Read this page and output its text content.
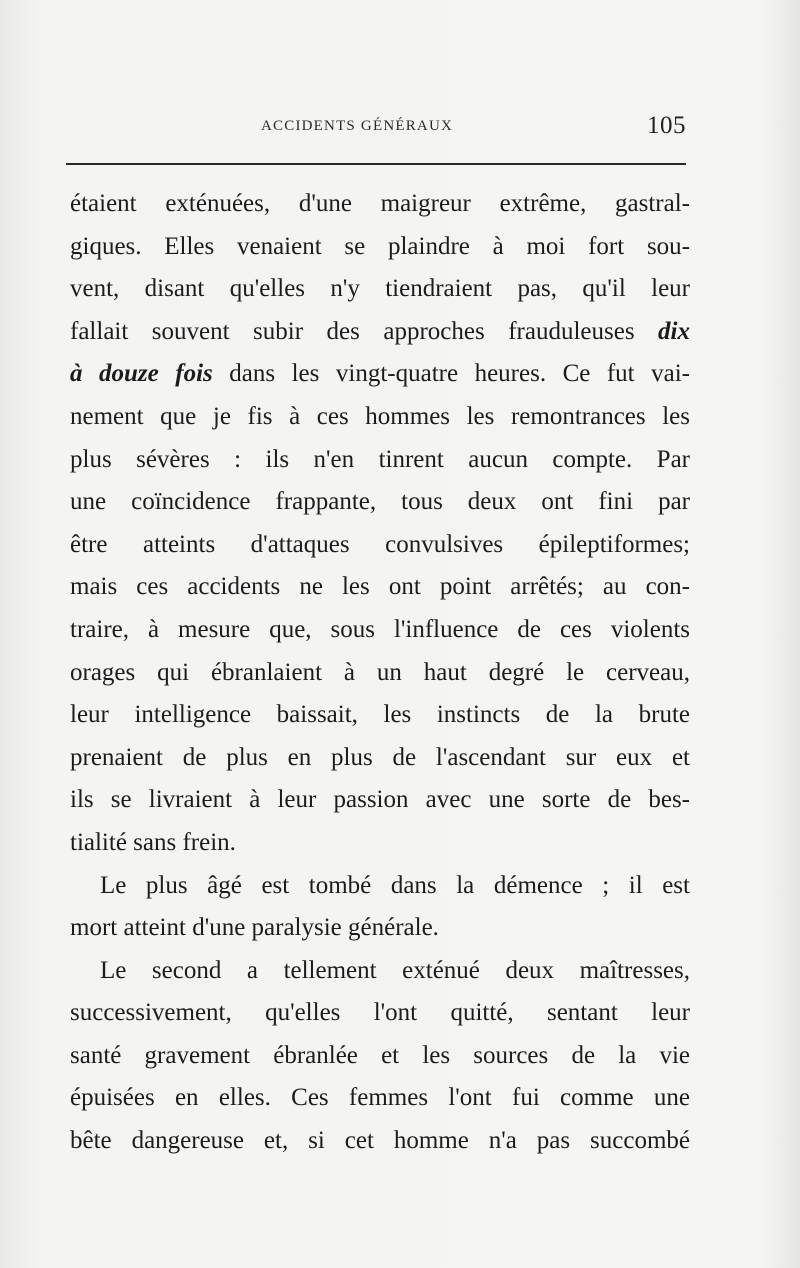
ACCIDENTS GÉNÉRAUX	105
étaient exténuées, d'une maigreur extrême, gastral-
giques. Elles venaient se plaindre à moi fort sou-
vent, disant qu'elles n'y tiendraient pas, qu'il leur
fallait souvent subir des approches frauduleuses dix
à douze fois dans les vingt-quatre heures. Ce fut vai-
nement que je fis à ces hommes les remontrances les
plus sévères : ils n'en tinrent aucun compte. Par
une coïncidence frappante, tous deux ont fini par
être atteints d'attaques convulsives épileptiformes;
mais ces accidents ne les ont point arrêtés; au con-
traire, à mesure que, sous l'influence de ces violents
orages qui ébranlaient à un haut degré le cerveau,
leur intelligence baissait, les instincts de la brute
prenaient de plus en plus de l'ascendant sur eux et
ils se livraient à leur passion avec une sorte de bes-
tialité sans frein.
Le plus âgé est tombé dans la démence ; il est
mort atteint d'une paralysie générale.
Le second a tellement exténué deux maîtresses,
successivement, qu'elles l'ont quitté, sentant leur
santé gravement ébranlée et les sources de la vie
épuisées en elles. Ces femmes l'ont fui comme une
bête dangereuse et, si cet homme n'a pas succombé
